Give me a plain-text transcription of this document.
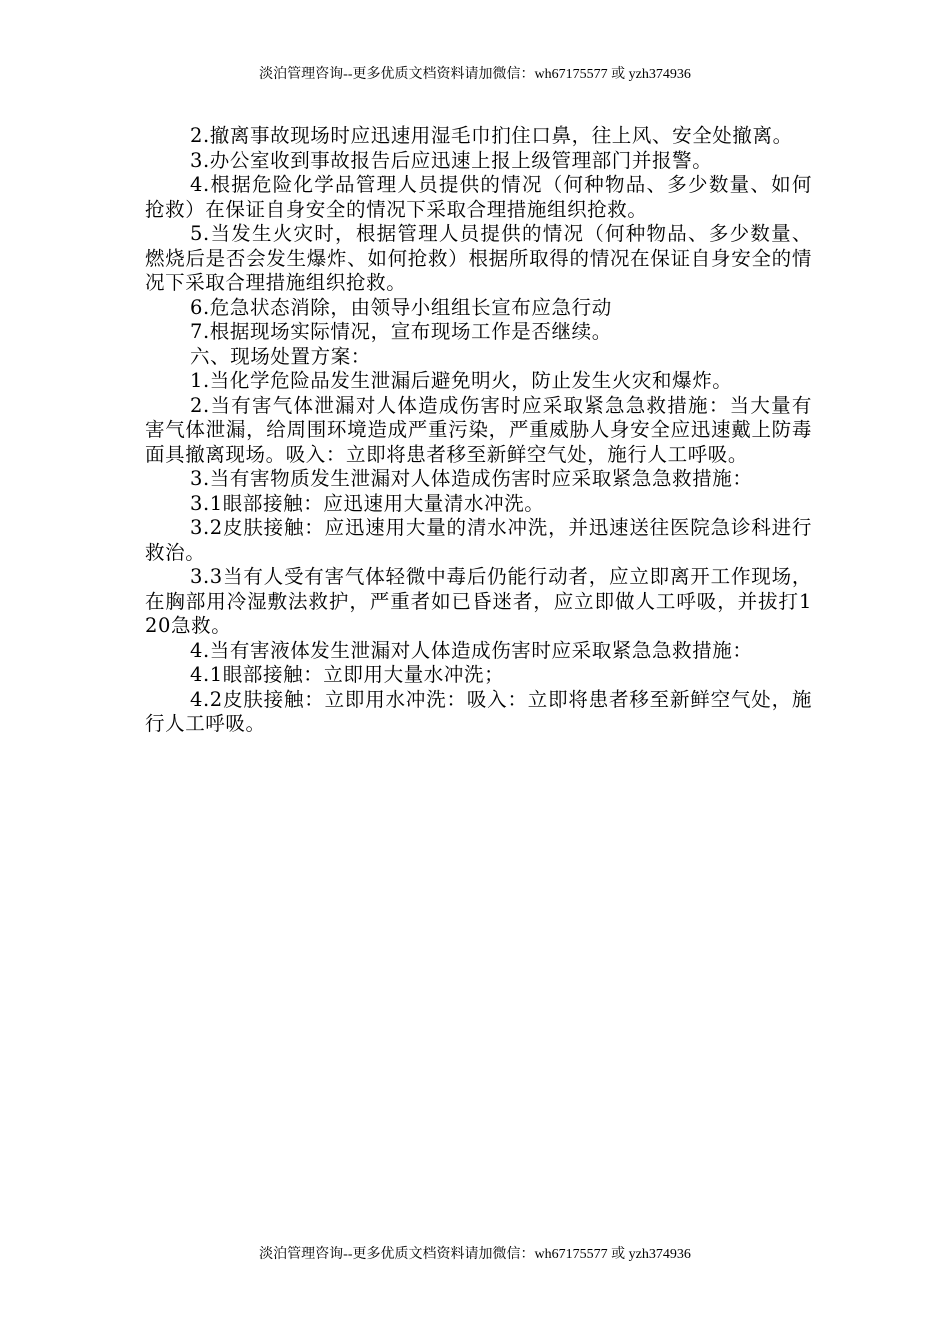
淡泊管理咨询--更多优质文档资料请加微信：wh67175577 或 yzh374936

2.撤离事故现场时应迅速用湿毛巾扪住口鼻，往上风、安全处撤离。

3.办公室收到事故报告后应迅速上报上级管理部门并报警。

4.根据危险化学品管理人员提供的情况（何种物品、多少数量、如何抢救）在保证自身安全的情况下采取合理措施组织抢救。

5.当发生火灾时，根据管理人员提供的情况（何种物品、多少数量、燃烧后是否会发生爆炸、如何抢救）根据所取得的情况在保证自身安全的情况下采取合理措施组织抢救。

6.危急状态消除，由领导小组组长宣布应急行动

7.根据现场实际情况，宣布现场工作是否继续。

六、现场处置方案：

1.当化学危险品发生泄漏后避免明火，防止发生火灾和爆炸。

2.当有害气体泄漏对人体造成伤害时应采取紧急急救措施：当大量有害气体泄漏，给周围环境造成严重污染，严重威胁人身安全应迅速戴上防毒面具撤离现场。吸入：立即将患者移至新鲜空气处，施行人工呼吸。

3.当有害物质发生泄漏对人体造成伤害时应采取紧急急救措施：

3.1眼部接触：应迅速用大量清水冲洗。

3.2皮肤接触：应迅速用大量的清水冲洗，并迅速送往医院急诊科进行救治。

3.3当有人受有害气体轻微中毒后仍能行动者，应立即离开工作现场，在胸部用冷湿敷法救护，严重者如已昏迷者，应立即做人工呼吸，并拔打120急救。

4.当有害液体发生泄漏对人体造成伤害时应采取紧急急救措施：

4.1眼部接触：立即用大量水冲洗；

4.2皮肤接触：立即用水冲洗：吸入：立即将患者移至新鲜空气处，施行人工呼吸。

淡泊管理咨询--更多优质文档资料请加微信：wh67175577 或 yzh374936
